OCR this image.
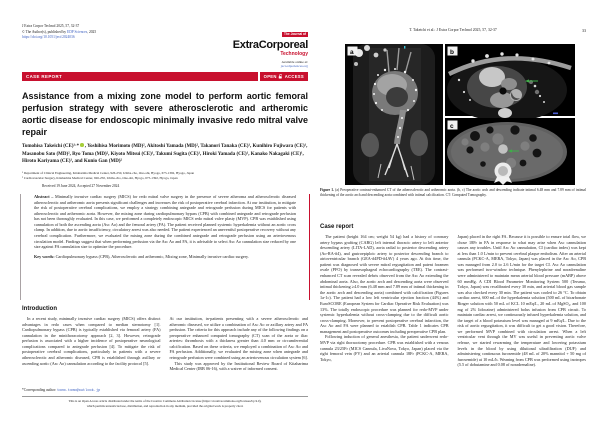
J Extra Corpor Technol 2025, 57, 32-37
© The Author(s), published by EDP Sciences, 2025
https://doi.org/10.1051/ject/2024036
The Journal of
ExtraCorporeal
Technology
Available online at:
ject.edpsciences.org
CASE REPORT	OPEN ACCESS
Assistance from a mixing zone model to perform aortic femoral perfusion strategy with severe atherosclerotic and artheromic aortic disease for endoscopic minimally invasive redo mitral valve repair
Tomohisa Takeichi (CE)¹·* , Yoshihisa Morimoto (MD)², Akitoshi Yamada (MD)², Takanori Tanaka (CE)¹, Kunihiro Fujiwara (CE)¹, Masanobu Sato (MD)², Ryo Toma (MD)², Kiyoto Mitsui (CE)¹, Takumi Sugita (CE)¹, Hiroki Yamada (CE)¹, Kanako Nakagaki (CE)¹, Hiroto Kariyama (CE)¹, and Kunio Gan (MD)²
¹ Department of Clinical Engineering, Kitaharima Medical Center, 926-250, Ichiba-cho, Ono-shi, Hyogo, 675-1392, Hyogo, Japan
² Cardiovascular Surgery, Kitaharima Medical Center, 926-250, Ichiba-cho, Ono-shi, Hyogo, 675-1392, Hyogo, Japan
Received 19 June 2024, Accepted 27 November 2024

Abstract – Minimally invasive cardiac surgery (MICS) for redo mitral valve surgery in the presence of severe atheroma and atherosclerotic diseased atherosclerotic and artheromic aorta presents significant challenges and increases the risk of postoperative cerebral infarction. At our institution, to mitigate the risk of postoperative cerebral complications, we employ a strategy combining antegrade and retrograde perfusion during MICS for patients with atherosclerotic and artheromic aorta. However, the mixing zone during cardiopulmonary bypass (CPB) with combined antegrade and retrograde perfusion has not been thoroughly evaluated. In this case, we performed a completely endoscopic MICS redo mitral valve plasty (MVP). CPB was established using cannulation of both the ascending aorta (Asc Ao) and the femoral artery (FA). The patient received planned systemic hyperkalemia without an aortic cross clamp. In addition, due to aortic insufficiency, circulatory arrest was also needed. The patient experienced an uneventful postoperative recovery without any cerebral complication. Furthermore, we evaluated the mixing zone during the combined antegrade and retrograde perfusion using an arteriovenous circulation model. Findings suggest that when performing perfusion via the Asc Ao and FA, it is advisable to select Asc Ao cannulation size reduced by one size against FA cannulation size to optimize the procedure.

Key words: Cardiopulmonary bypass (CPB), Atherosclerotic and artheromic, Mixing zone, Minimally invasive cardiac surgery.

Introduction
In a recent study, minimally invasive cardiac surgery (MICS) offers distinct advantages in redo cases when compared to median sternotomy [1]. Cardiopulmonary bypass (CPB) is typically established via femoral artery (FA) cannulation in the minithoracotomy approach [2, 3]. However, retrograde perfusion is associated with a higher incidence of postoperative neurological complications compared to antegrade perfusion [4]. To mitigate the risk of postoperative cerebral complications, particularly in patients with a severe atherosclerotic and atheromic diseased, CPB is established through axillary or ascending aortic (Asc Ao) cannulation according to the facility protocol [5].

At our institution, in-patients presenting with a severe atherosclerotic and atheromic diseased, we utilize a combination of Asc Ao or axillary artery and FA perfusion. The criteria for this approach include any of the following findings on a preoperative enhanced computed tomography (CT) scan of the aorta or iliac arteries: thrombosis with a thickness greater than 4.0 mm or circumferential calcification. Based on these criteria, we employed a combination of Asc Ao and FA perfusion. Additionally, we evaluated the mixing zone when antegrade and retrograde perfusion were combined using an arteriovenous circulation system [6].

This study was approved by the Institutional Review Board of Kitaharima Medical Center (IRB 06-16), with a waiver of informed consent.

*Corresponding author: tomo.tomo@outlook.jp
This is an Open Access article distributed under the terms of the Creative Commons Attribution License (https://creativecommons.org/licenses/by/4.0),
which permits unrestricted use, distribution, and reproduction in any medium, provided the original work is properly cited.
T. Takeichi et al.: J Extra Corpor Technol 2025, 57, 32-37	33
a	b
c
Figure 1. (a) Preoperative contrast-enhanced CT of the atherosclerotic and artheromic aorta. (b, c) The aortic arch and descending indicate intimal 6.48 mm and 7.89 mm of intimal thickening of the aortic arch and descending aorta combined with intimal calcification. CT: Computed Tomography.
Case report

The patient (height 164 cm; weight 54 kg) had a history of coronary artery bypass grafting (CABG) left internal thoracic artery to left anterior descending artery (LITA-LAD), aorta radial to posterior descending artery (Ao-RA-#4), and gastroepiploic artery to posterior descending branch to atrioventricular branch (GEA-#4PD-#4AV) 4 years ago. At this time, the patient was diagnosed with severe mitral regurgitation and patent foramen ovale (PFO) by transesophageal echocardiography (TEE). The contrast-enhanced CT scan revealed debris observed from the Asc Ao extending the abdominal aorta. Also, the aortic arch and descending aorta were observed intimal thickening ≥4.0 mm (6.48 mm and 7.89 mm of intimal thickening in the aortic arch and descending aorta) combined with calcification (Figures 1a-1c). The patient had a low left ventricular ejection fraction (44%) and EuroSCORE (European System for Cardiac Operative Risk Evaluation) was 13%. The totally endoscopic procedure was planned for redo-MVP under systemic hyperkalemia without cross-clamping due to the difficult aortic cross-clamping. Moreover, to prevent postoperative cerebral infarction, the Asc Ao and FA were planned to establish CPB. Table 1 indicates CPB management and postoperative outcomes including preoperative CPB plan.

Following induction of general anesthesia, the patient underwent redo-MVP via right thoracotomy procedure. CPB was established with a venous cannula 23/25Fr (MICS Cannula, LivaNova, Tokyo, Japan) placed via the right femoral vein (FV) and an arterial cannula 18Fr (PCKC-A, MERA, Tokyo,

Japan) placed in the right FA. Because it is possible to ensure total flow, we chose 18Fr in FA in response to what may arise when Asc cannulation causes any troubles. Until Asc Ao cannulation, CI (cardiac index) was kept at less than 1.0 L/min to prevent cerebral plaque embolism. After an arterial cannula (PCKC-A, MERA, Tokyo, Japan) was placed in the Asc Ao, CPB was managed from 2.0 to 2.6 L/min for the target CI. Asc Ao cannulation was performed two-window technique. Phenylephrine and noradrenaline were administered to maintain mean arterial blood pressure (mABP) above 60 mmHg. A CDI Blood Parameter Monitoring System 500 (Terumo, Tokyo, Japan) was recalibrated every 30 min, and arterial blood gas sample was also checked every 30 min. The patient was cooled to 26 °C. To obtain cardiac arrest, 600 mL of the hyperkalemia solution (500 mL of bicarbonate Ringer solution with 50 mL of KCL 10 mEq/L, 20 mL of MgSO₄, and 100 mg of 2% lidocaine) administered bolus infusion from CPB circuit. To maintain cardiac arrest, we continuously infused hyperkalemia solution, and the target of a blood potassium level was managed at 9 mEq/L. Due to the risk of aortic regurgitation, it was difficult to get a good vision. Therefore, we performed MVP combined with circulation arrest. When a left ventricular vent through the MV was useful in preventing aortic valve release, we started rewarming the temperature and lowering potassium levels in the blood by using dilutional ultrafiltration (DUF) and administering continuous furosemide (48 mL of 20% mannitol + 50 mg of furosemide) at 10 mL/h. Weaning from CPB was performed using inotropes (5.5 of dobutamine and 0.08 of noradrenaline).
